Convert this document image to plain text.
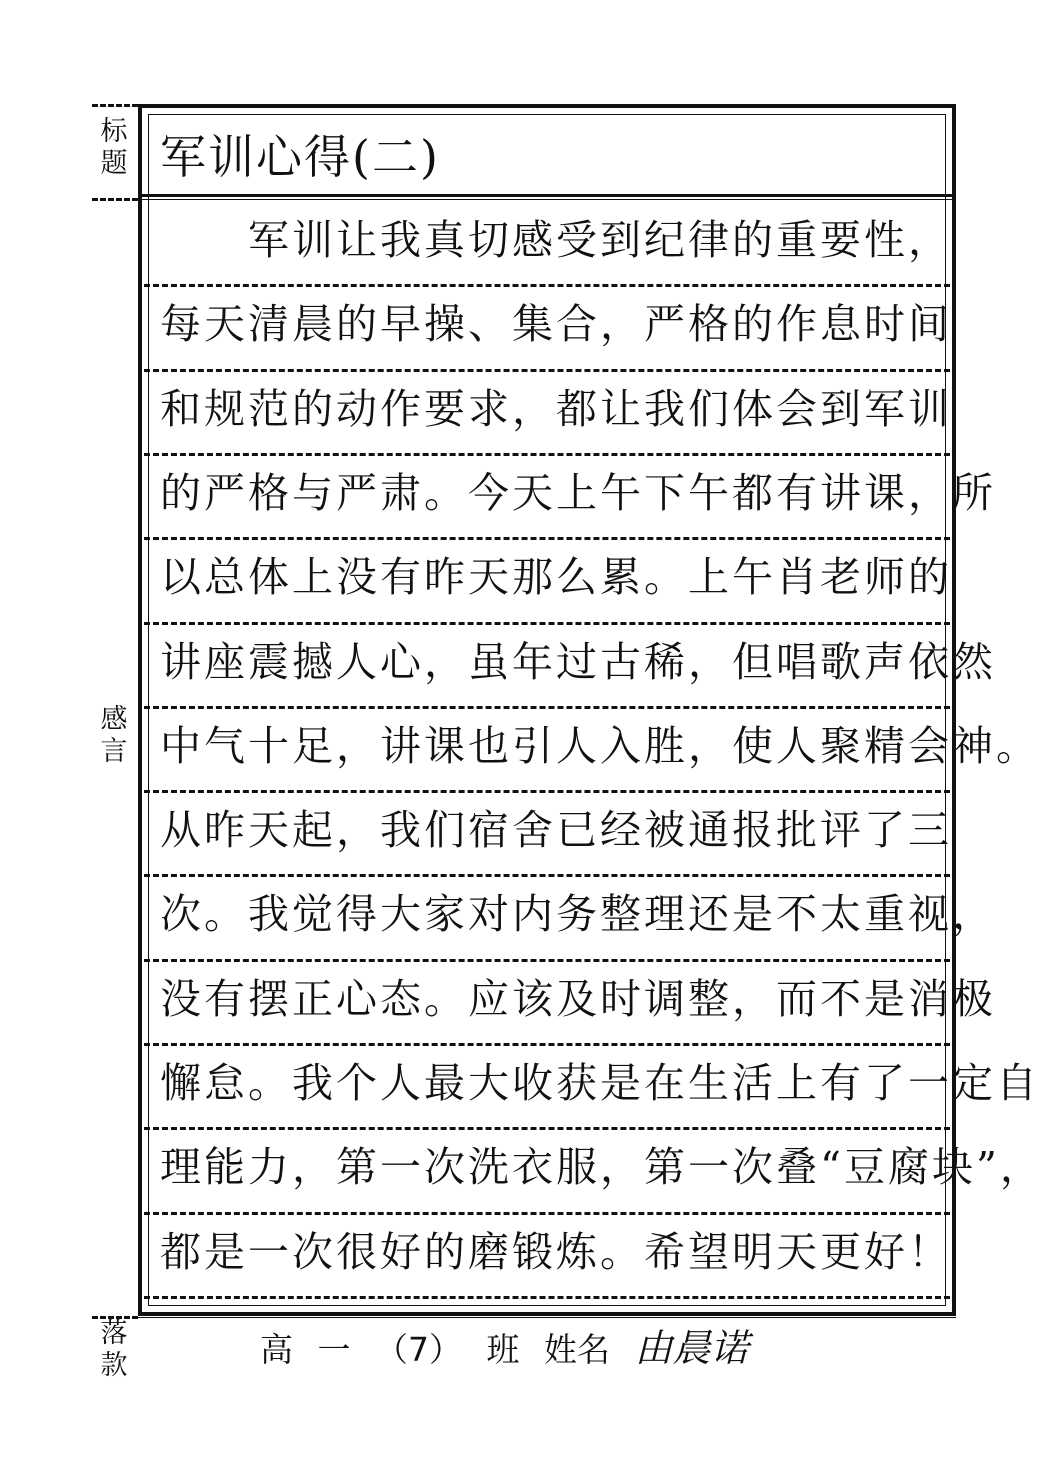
标
题
感
言
落
款
军训心得(二)
　　军训让我真切感受到纪律的重要性，
每天清晨的早操、集合，严格的作息时间
和规范的动作要求，都让我们体会到军训
的严格与严肃。今天上午下午都有讲课，所
以总体上没有昨天那么累。上午肖老师的
讲座震撼人心，虽年过古稀，但唱歌声依然
中气十足，讲课也引人入胜，使人聚精会神。
从昨天起，我们宿舍已经被通报批评了三
次。我觉得大家对内务整理还是不太重视，
没有摆正心态。应该及时调整，而不是消极
懈怠。我个人最大收获是在生活上有了一定自
理能力，第一次洗衣服，第一次叠“豆腐块”，
都是一次很好的磨锻炼。希望明天更好！
高 一 （7） 班 姓名 由晨诺
